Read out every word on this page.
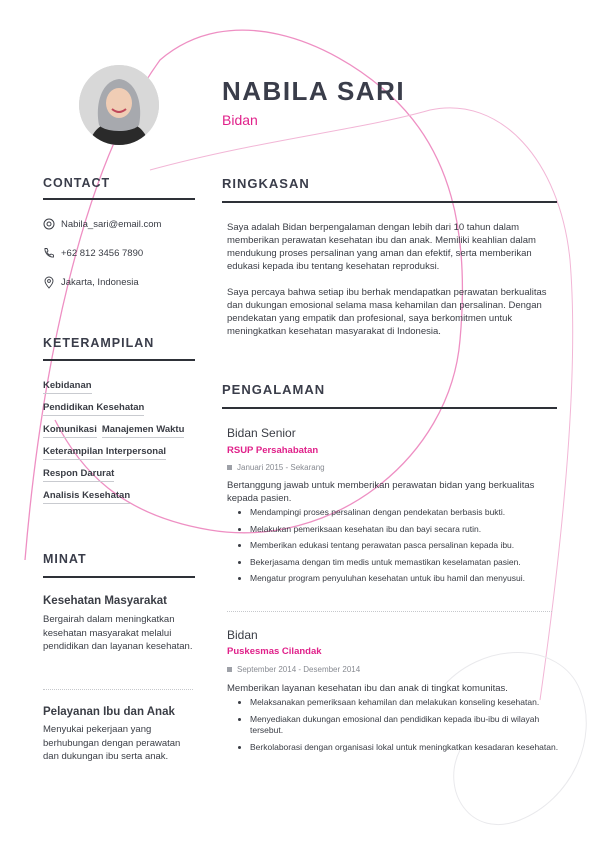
NABILA SARI
Bidan
CONTACT
Nabila_sari@email.com
+62 812 3456 7890
Jakarta, Indonesia
KETERAMPILAN
Kebidanan
Pendidikan Kesehatan
Komunikasi Manajemen Waktu
Keterampilan Interpersonal
Respon Darurat
Analisis Kesehatan
MINAT
Kesehatan Masyarakat
Bergairah dalam meningkatkan kesehatan masyarakat melalui pendidikan dan layanan kesehatan.
Pelayanan Ibu dan Anak
Menyukai pekerjaan yang berhubungan dengan perawatan dan dukungan ibu serta anak.
RINGKASAN
Saya adalah Bidan berpengalaman dengan lebih dari 10 tahun dalam memberikan perawatan kesehatan ibu dan anak. Memiliki keahlian dalam mendukung proses persalinan yang aman dan efektif, serta memberikan edukasi kepada ibu tentang kesehatan reproduksi.
Saya percaya bahwa setiap ibu berhak mendapatkan perawatan berkualitas dan dukungan emosional selama masa kehamilan dan persalinan. Dengan pendekatan yang empatik dan profesional, saya berkomitmen untuk meningkatkan kesehatan masyarakat di Indonesia.
PENGALAMAN
Bidan Senior
RSUP Persahabatan
Januari 2015 - Sekarang
Bertanggung jawab untuk memberikan perawatan bidan yang berkualitas kepada pasien.
• Mendampingi proses persalinan dengan pendekatan berbasis bukti.
• Melakukan pemeriksaan kesehatan ibu dan bayi secara rutin.
• Memberikan edukasi tentang perawatan pasca persalinan kepada ibu.
• Bekerjasama dengan tim medis untuk memastikan keselamatan pasien.
• Mengatur program penyuluhan kesehatan untuk ibu hamil dan menyusui.
Bidan
Puskesmas Cilandak
September 2014 - Desember 2014
Memberikan layanan kesehatan ibu dan anak di tingkat komunitas.
• Melaksanakan pemeriksaan kehamilan dan melakukan konseling kesehatan.
• Menyediakan dukungan emosional dan pendidikan kepada ibu-ibu di wilayah tersebut.
• Berkolaborasi dengan organisasi lokal untuk meningkatkan kesadaran kesehatan.
